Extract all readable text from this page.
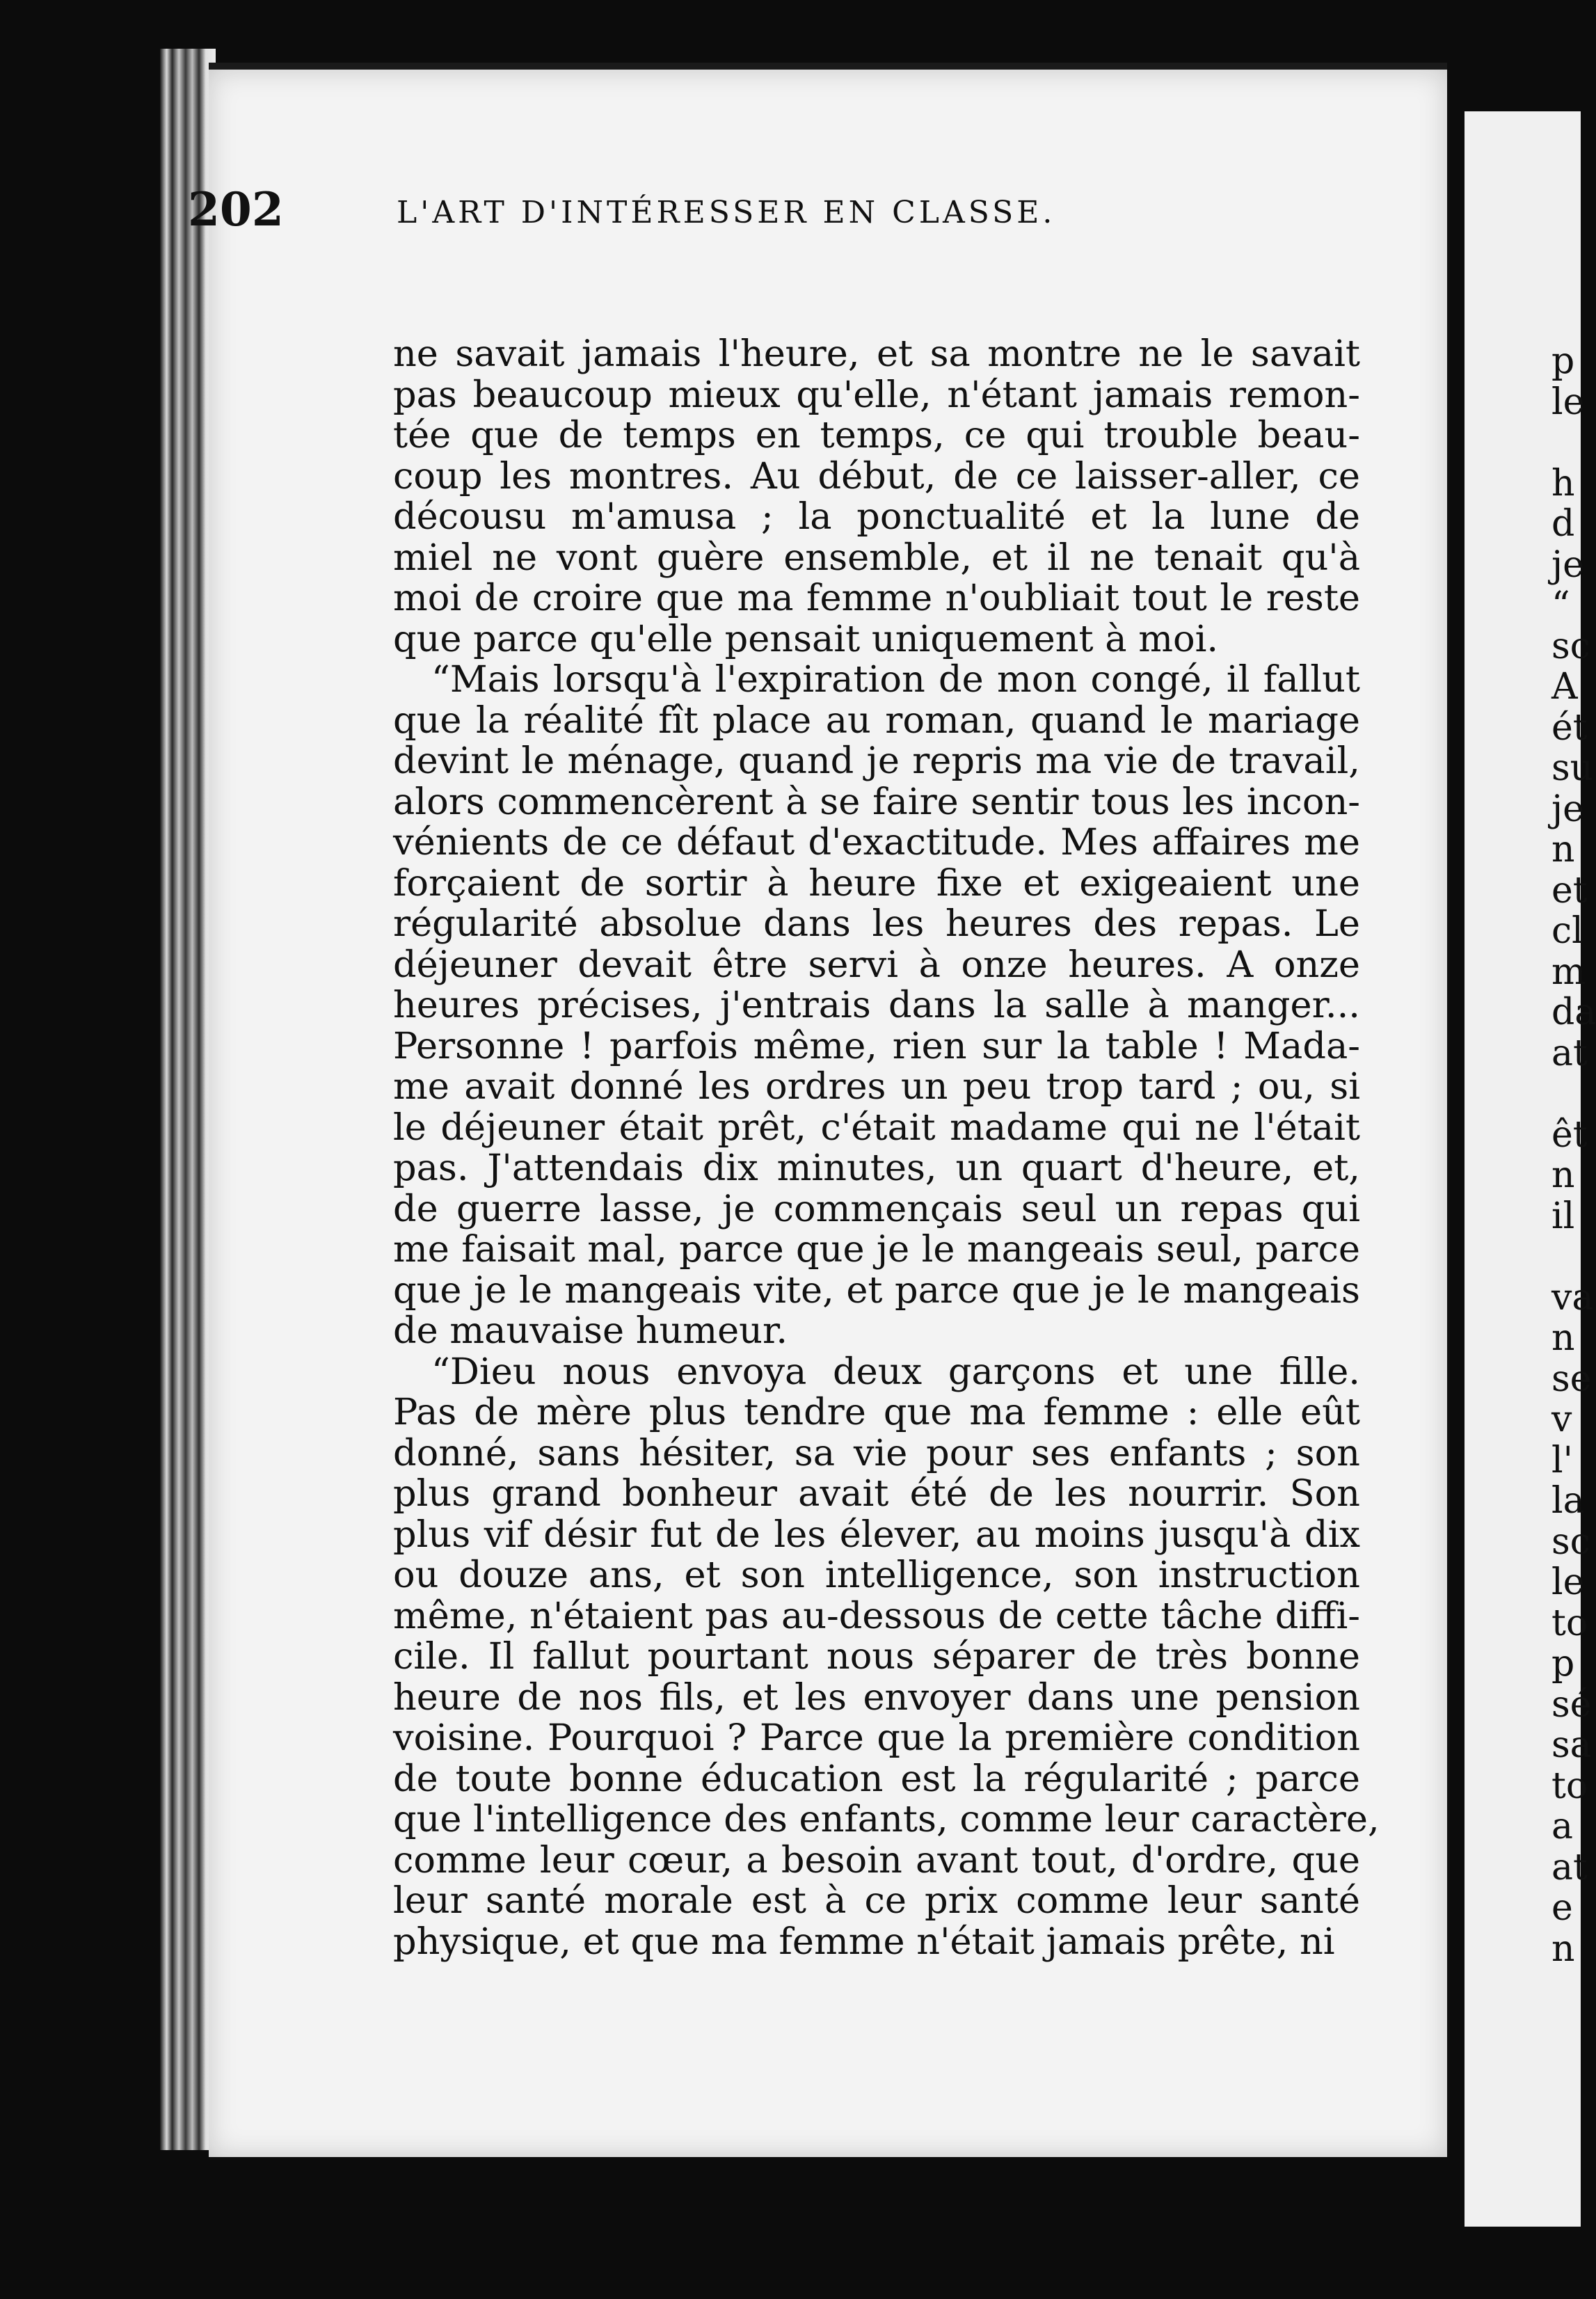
202	L'ART D'INTÉRESSER EN CLASSE.
ne savait jamais l'heure, et sa montre ne le savait
pas beaucoup mieux qu'elle, n'étant jamais remon-
tée que de temps en temps, ce qui trouble beau-
coup les montres. Au début, de ce laisser-aller, ce
décousu m'amusa ; la ponctualité et la lune de
miel ne vont guère ensemble, et il ne tenait qu'à
moi de croire que ma femme n'oubliait tout le reste
que parce qu'elle pensait uniquement à moi.
“Mais lorsqu'à l'expiration de mon congé, il fallut
que la réalité fît place au roman, quand le mariage
devint le ménage, quand je repris ma vie de travail,
alors commencèrent à se faire sentir tous les incon-
vénients de ce défaut d'exactitude. Mes affaires me
forçaient de sortir à heure fixe et exigeaient une
régularité absolue dans les heures des repas. Le
déjeuner devait être servi à onze heures. A onze
heures précises, j'entrais dans la salle à manger...
Personne ! parfois même, rien sur la table ! Mada-
me avait donné les ordres un peu trop tard ; ou, si
le déjeuner était prêt, c'était madame qui ne l'était
pas. J'attendais dix minutes, un quart d'heure, et,
de guerre lasse, je commençais seul un repas qui
me faisait mal, parce que je le mangeais seul, parce
que je le mangeais vite, et parce que je le mangeais
de mauvaise humeur.
“Dieu nous envoya deux garçons et une fille.
Pas de mère plus tendre que ma femme : elle eût
donné, sans hésiter, sa vie pour ses enfants ; son
plus grand bonheur avait été de les nourrir. Son
plus vif désir fut de les élever, au moins jusqu'à dix
ou douze ans, et son intelligence, son instruction
même, n'étaient pas au-dessous de cette tâche diffi-
cile. Il fallut pourtant nous séparer de très bonne
heure de nos fils, et les envoyer dans une pension
voisine. Pourquoi ? Parce que la première condition
de toute bonne éducation est la régularité ; parce
que l'intelligence des enfants, comme leur caractère,
comme leur cœur, a besoin avant tout, d'ordre, que
leur santé morale est à ce prix comme leur santé
physique, et que ma femme n'était jamais prête, ni
p
le

h
d
je
“
sc
A
ét
su
je
n
et
cl
m
da
at

êt
n
il

va
n
se
v
l'
la
sc
le
to
p
sé
sa
to
a
at
e
n
